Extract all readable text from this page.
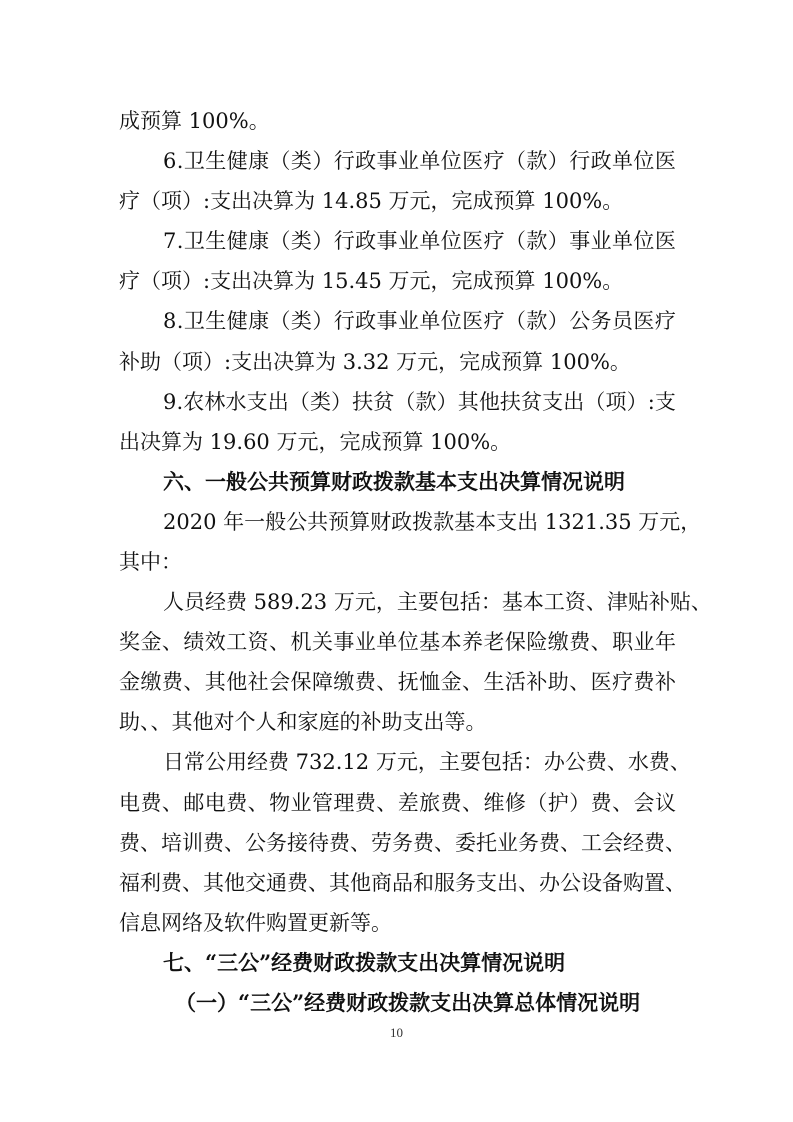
成预算 100%。
6 . 卫 生 健 康 （ 类 ） 行 政 事 业 单 位 医 疗 （ 款 ） 行 政 单 位 医
疗（项）:支出决算为 14.85 万元，完成预算 100%。
7 . 卫 生 健 康 （ 类 ） 行 政 事 业 单 位 医 疗 （ 款 ） 事 业 单 位 医
疗（项）:支出决算为 15.45 万元，完成预算 100%。
8 . 卫 生 健 康 （ 类 ） 行 政 事 业 单 位 医 疗 （ 款 ） 公 务 员 医 疗
补助（项）:支出决算为 3.32 万元，完成预算 100%。
9 . 农 林 水 支 出 （ 类 ） 扶 贫 （ 款 ） 其 他 扶 贫 支 出 （ 项 ） : 支
出决算为 19.60 万元，完成预算 100%。
六、一般公共预算财政拨款基本支出决算情况说明
2020 年一般公共预算财政拨款基本支出 1321.35 万元，
其中：
人员经费 589.23 万元，主要包括：基本工资、津贴补贴、
奖 金 、 绩 效 工 资 、 机 关 事 业 单 位 基 本 养 老 保 险 缴 费 、 职 业 年
金 缴 费 、 其 他 社 会 保 障 缴 费 、 抚 恤 金 、 生 活 补 助 、 医 疗 费 补
助、、其他对个人和家庭的补助支出等。
日常公用经费 732.12 万元，主要包括：办公费、水费、
电 费 、 邮 电 费 、 物 业 管 理 费 、 差 旅 费 、 维 修 （ 护 ） 费 、 会 议
费 、 培 训 费 、 公 务 接 待 费 、 劳 务 费 、 委 托 业 务 费 、 工 会 经 费 、
福 利 费 、 其 他 交 通 费 、 其 他 商 品 和 服 务 支 出 、 办 公 设 备 购 置 、
信息网络及软件购置更新等。
七、“三公”经费财政拨款支出决算情况说明
（一）“三公”经费财政拨款支出决算总体情况说明
10
